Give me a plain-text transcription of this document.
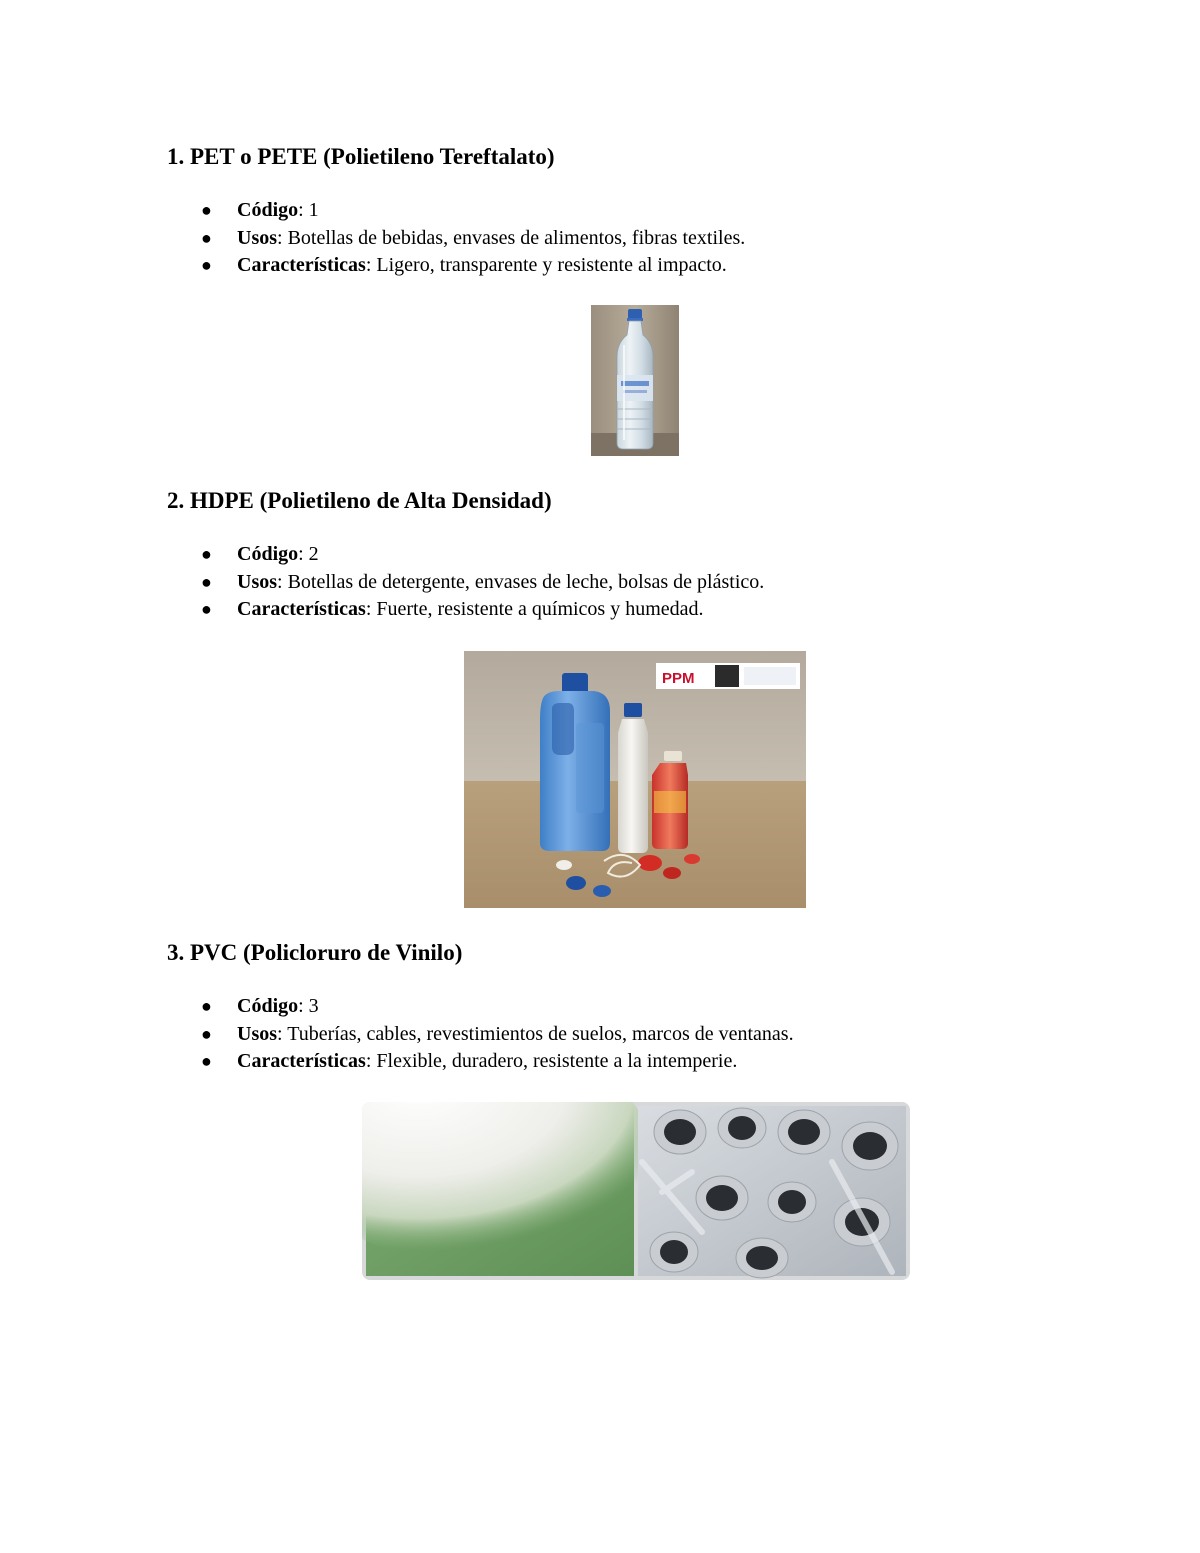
1. PET o PETE (Polietileno Tereftalato)
● Código: 1
● Usos: Botellas de bebidas, envases de alimentos, fibras textiles.
● Características: Ligero, transparente y resistente al impacto.
2. HDPE (Polietileno de Alta Densidad)
● Código: 2
● Usos: Botellas de detergente, envases de leche, bolsas de plástico.
● Características: Fuerte, resistente a químicos y humedad.
PPM
3. PVC (Policloruro de Vinilo)
● Código: 3
● Usos: Tuberías, cables, revestimientos de suelos, marcos de ventanas.
● Características: Flexible, duradero, resistente a la intemperie.
